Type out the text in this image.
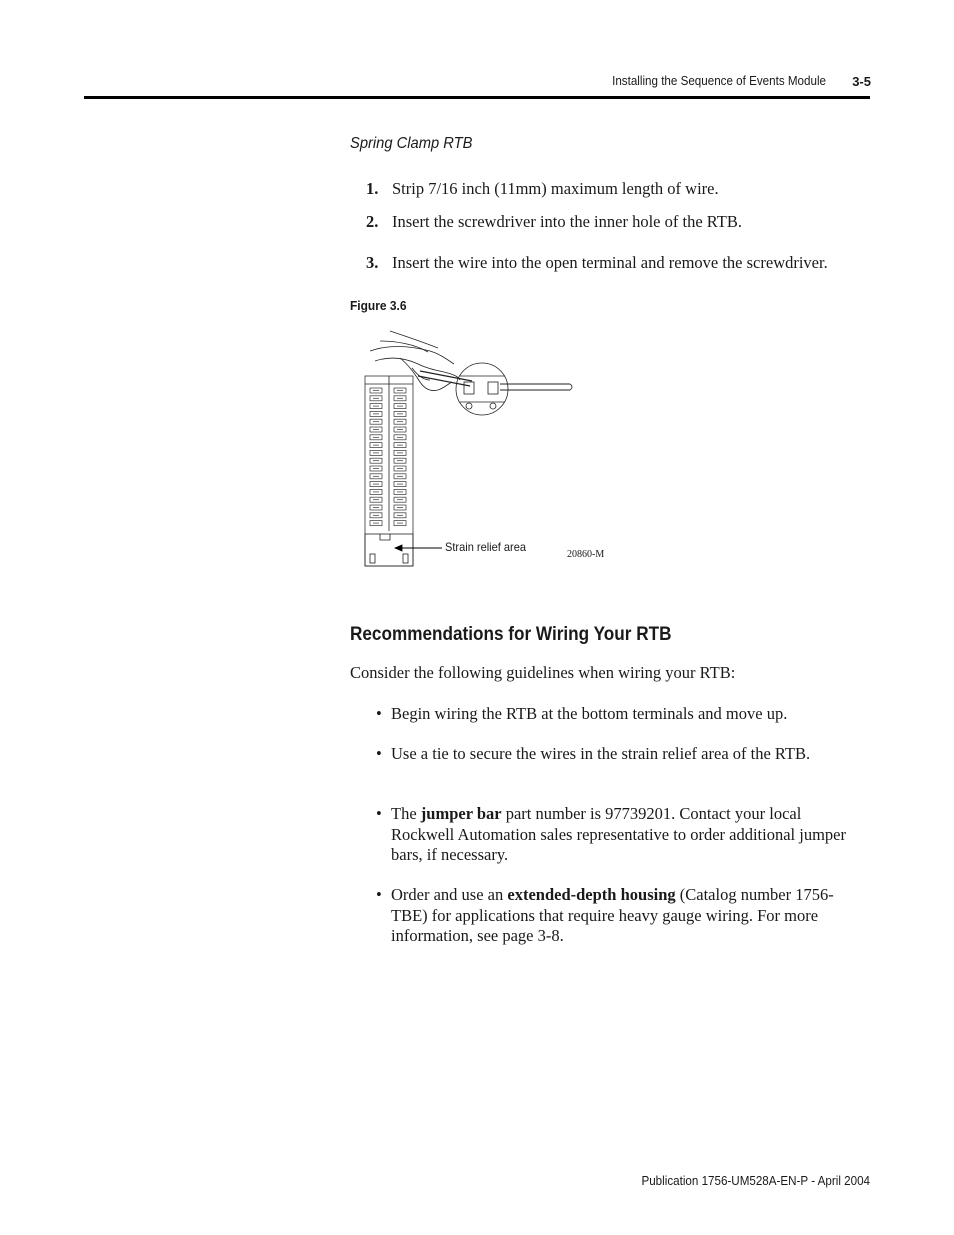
Installing the Sequence of Events Module 3-5
Spring Clamp RTB
1. Strip 7/16 inch (11mm) maximum length of wire.
2. Insert the screwdriver into the inner hole of the RTB.
3. Insert the wire into the open terminal and remove the screwdriver.
Figure 3.6
Strain relief area
20860-M
Recommendations for Wiring Your RTB
Consider the following guidelines when wiring your RTB:
• Begin wiring the RTB at the bottom terminals and move up.
• Use a tie to secure the wires in the strain relief area of the RTB.
• The jumper bar part number is 97739201. Contact your local Rockwell Automation sales representative to order additional jumper bars, if necessary.
• Order and use an extended-depth housing (Catalog number 1756-TBE) for applications that require heavy gauge wiring. For more information, see page 3-8.
Publication 1756-UM528A-EN-P - April 2004
